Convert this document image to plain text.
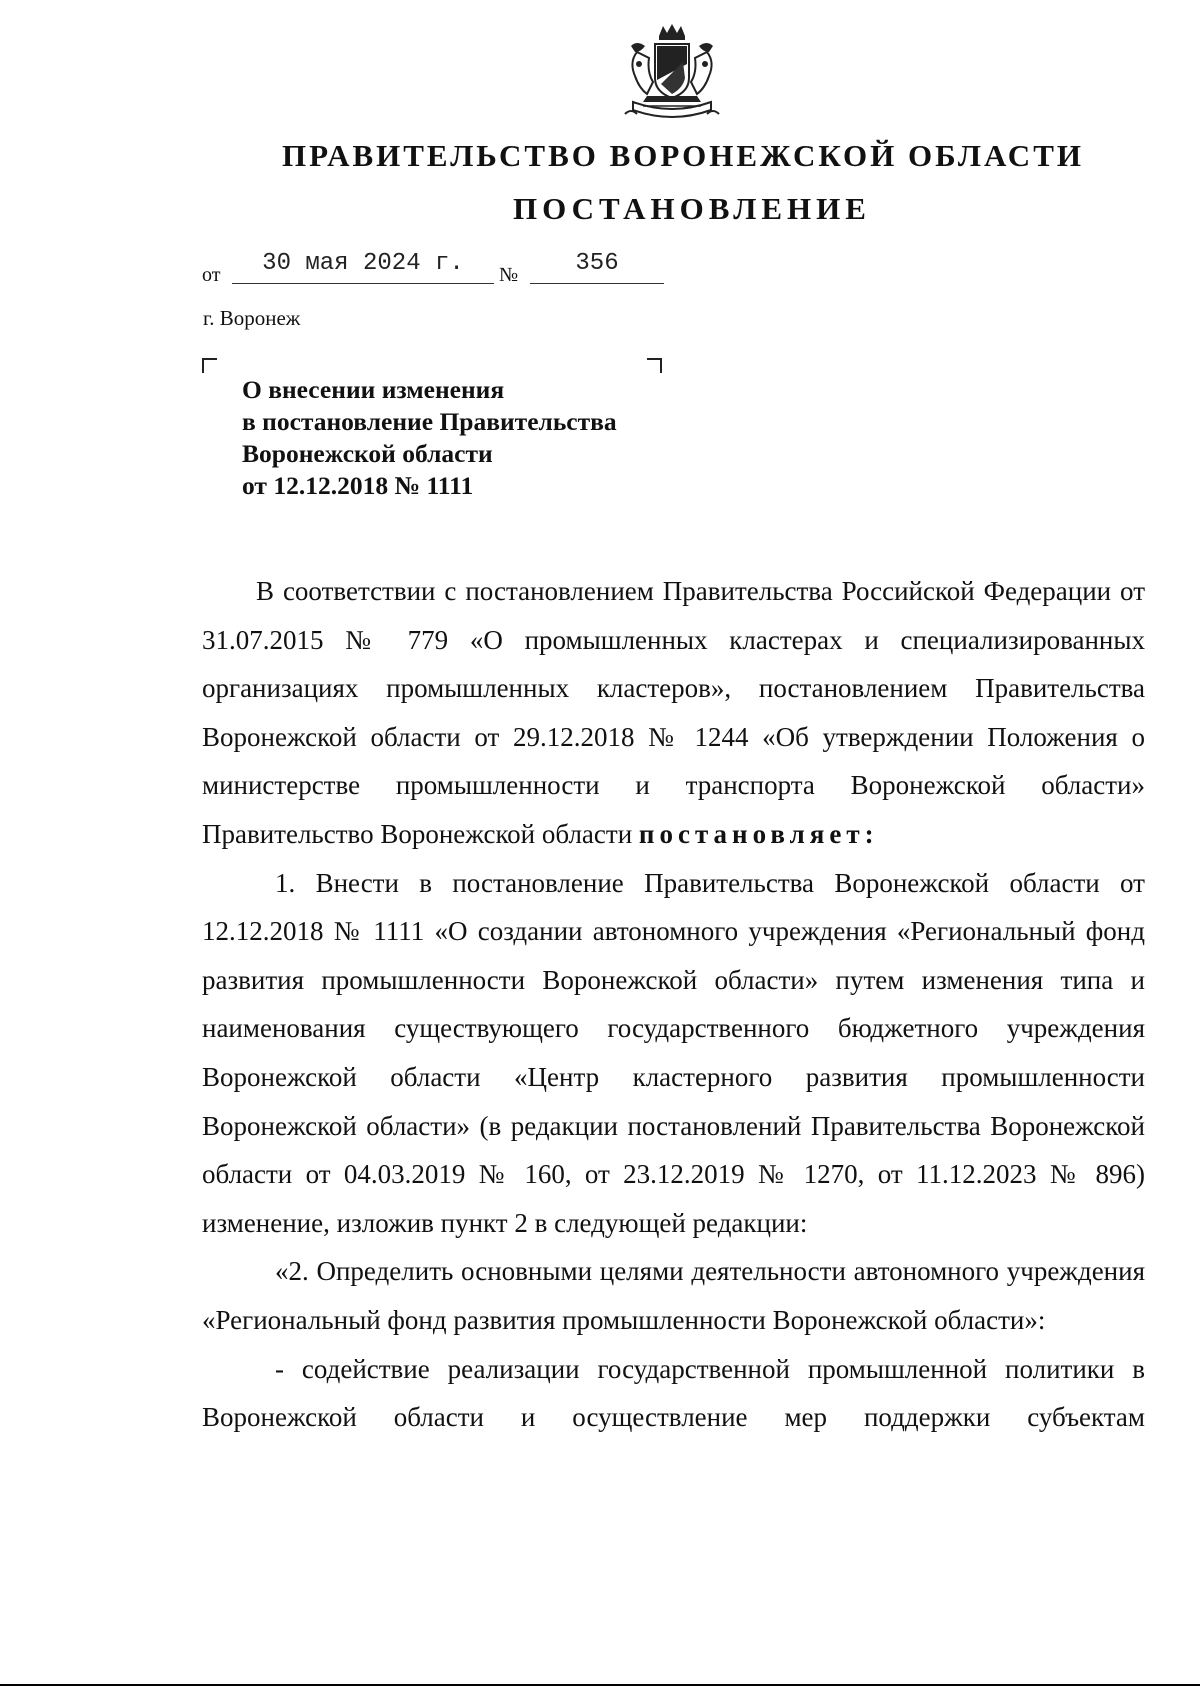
ПРАВИТЕЛЬСТВО ВОРОНЕЖСКОЙ ОБЛАСТИ
ПОСТАНОВЛЕНИЕ
от	30 мая 2024 г.	№	356
г. Воронеж
О внесении изменения
в постановление Правительства
Воронежской области
от 12.12.2018 № 1111

В соответствии с постановлением Правительства Российской Федерации от 31.07.2015 № 779 «О промышленных кластерах и специализированных организациях промышленных кластеров», постановлением Правительства Воронежской области от 29.12.2018 № 1244 «Об утверждении Положения о министерстве промышленности и транспорта Воронежской области» Правительство Воронежской области постановляет:

1. Внести в постановление Правительства Воронежской области от 12.12.2018 № 1111 «О создании автономного учреждения «Региональный фонд развития промышленности Воронежской области» путем изменения типа и наименования существующего государственного бюджетного учреждения Воронежской области «Центр кластерного развития промышленности Воронежской области» (в редакции постановлений Правительства Воронежской области от 04.03.2019 № 160, от 23.12.2019 № 1270, от 11.12.2023 № 896) изменение, изложив пункт 2 в следующей редакции:

«2. Определить основными целями деятельности автономного учреждения «Региональный фонд развития промышленности Воронежской области»:

- содействие реализации государственной промышленной политики в Воронежской области и осуществление мер поддержки субъектам
